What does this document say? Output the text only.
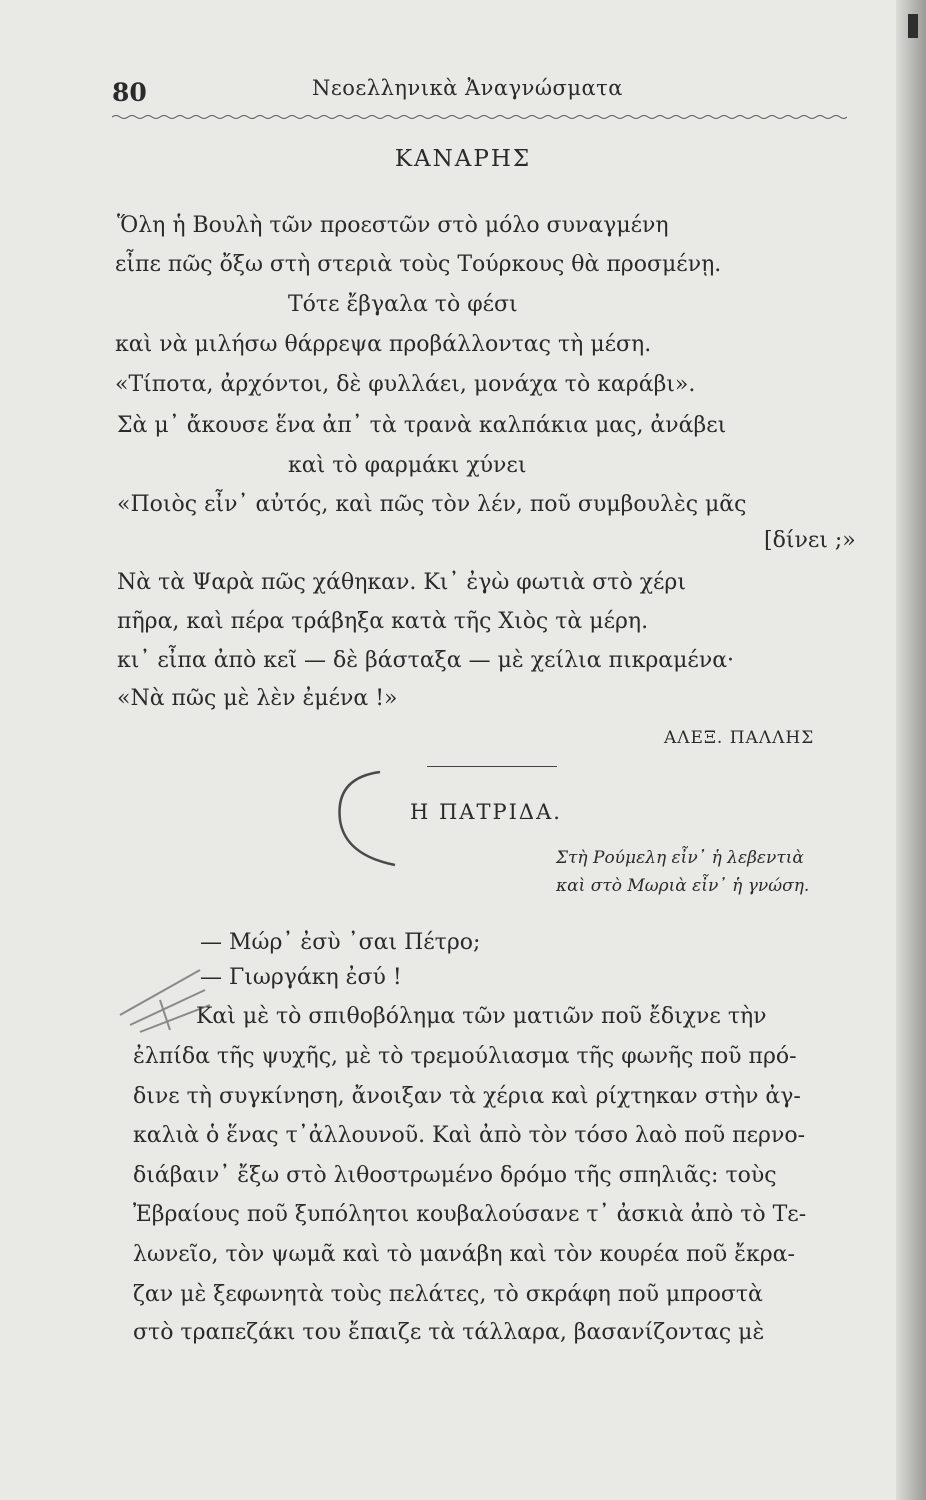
80	Νεοελληνικὰ Ἀναγνώσματα
ΚΑΝΑΡΗΣ
Ὅλη ἡ Βουλὴ τῶν προεστῶν στὸ μόλο συναγμένη
εἶπε πῶς ὄξω στὴ στεριὰ τοὺς Τούρκους θὰ προσμένῃ.
Τότε ἔβγαλα τὸ φέσι
καὶ νὰ μιλήσω θάρρεψα προβάλλοντας τὴ μέση.
«Τίποτα, ἀρχόντοι, δὲ φυλλάει, μονάχα τὸ καράβι».
Σὰ μ᾿ ἄκουσε ἕνα ἀπ᾿ τὰ τρανὰ καλπάκια μας, ἀνάβει
καὶ τὸ φαρμάκι χύνει
«Ποιὸς εἶν᾿ αὐτός, καὶ πῶς τὸν λέν, ποῦ συμβουλὲς μᾶς
[δίνει ;»
Νὰ τὰ Ψαρὰ πῶς χάθηκαν. Κι᾿ ἐγὼ φωτιὰ στὸ χέρι
πῆρα, καὶ πέρα τράβηξα κατὰ τῆς Χιὸς τὰ μέρη.
κι᾿ εἶπα ἀπὸ κεῖ — δὲ βάσταξα — μὲ χείλια πικραμένα·
«Νὰ πῶς μὲ λὲν ἐμένα !»
ΑΛΕΞ. ΠΑΛΛΗΣ
Η ΠΑΤΡΙΔΑ.
Στὴ Ρούμελη εἶν᾿ ἡ λεβεντιὰ
καὶ στὸ Μωριὰ εἶν᾿ ἡ γνώση.
— Μώρ᾿ ἐσὺ ᾿σαι Πέτρο;
— Γιωργάκη ἐσύ !
Καὶ μὲ τὸ σπιθοβόλημα τῶν ματιῶν ποῦ ἔδιχνε τὴν
ἐλπίδα τῆς ψυχῆς, μὲ τὸ τρεμούλιασμα τῆς φωνῆς ποῦ πρό-
δινε τὴ συγκίνηση, ἄνοιξαν τὰ χέρια καὶ ρίχτηκαν στὴν ἀγ-
καλιὰ ὁ ἕνας τ᾿ἀλλουνοῦ. Καὶ ἀπὸ τὸν τόσο λαὸ ποῦ περνο-
διάβαιν᾿ ἔξω στὸ λιθοστρωμένο δρόμο τῆς σπηλιᾶς: τοὺς
Ἐβραίους ποῦ ξυπόλητοι κουβαλούσανε τ᾿ ἀσκιὰ ἀπὸ τὸ Τε-
λωνεῖο, τὸν ψωμᾶ καὶ τὸ μανάβη καὶ τὸν κουρέα ποῦ ἔκρα-
ζαν μὲ ξεφωνητὰ τοὺς πελάτες, τὸ σκράφη ποῦ μπροστὰ
στὸ τραπεζάκι του ἔπαιζε τὰ τάλλαρα, βασανίζοντας μὲ
